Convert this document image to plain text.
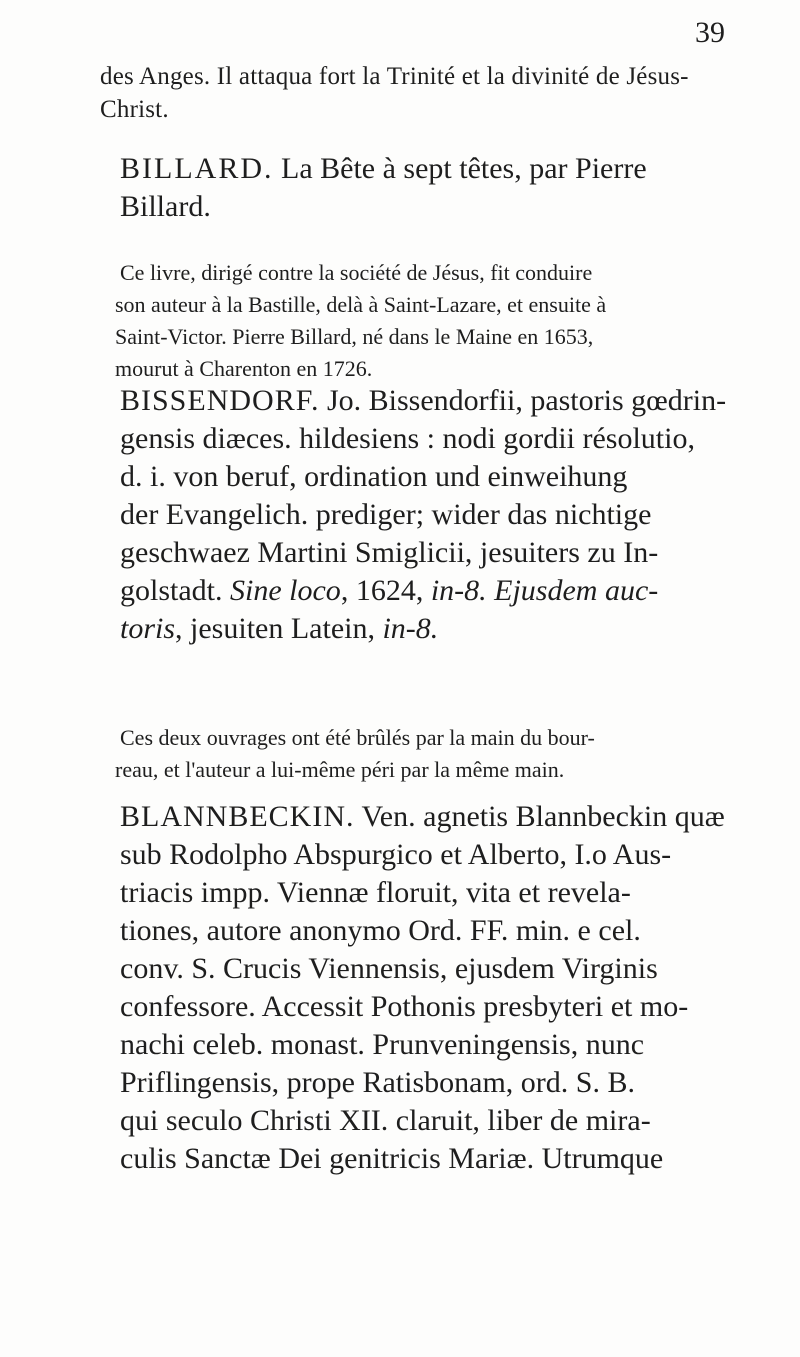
39
des Anges. Il attaqua fort la Trinité et la divinité de Jésus-
Christ.
BILLARD. La Bête à sept têtes, par Pierre
Billard.
Ce livre, dirigé contre la société de Jésus, fit conduire
son auteur à la Bastille, delà à Saint-Lazare, et ensuite à
Saint-Victor. Pierre Billard, né dans le Maine en 1653,
mourut à Charenton en 1726.
BISSENDORF. Jo. Bissendorfii, pastoris gœdrin-
gensis diæces. hildesiens : nodi gordii résolutio,
d. i. von beruf, ordination und einweihung
der Evangelich. prediger; wider das nichtige
geschwaez Martini Smiglicii, jesuiters zu In-
golstadt. Sine loco, 1624, in-8. Ejusdem auc-
toris, jesuiten Latein, in-8.
Ces deux ouvrages ont été brûlés par la main du bour-
reau, et l'auteur a lui-même péri par la même main.
BLANNBECKIN. Ven. agnetis Blannbeckin quæ
sub Rodolpho Abspurgico et Alberto, I.o Aus-
triacis impp. Viennæ floruit, vita et revela-
tiones, autore anonymo Ord. FF. min. e cel.
conv. S. Crucis Viennensis, ejusdem Virginis
confessore. Accessit Pothonis presbyteri et mo-
nachi celeb. monast. Prunveningensis, nunc
Priflingensis, prope Ratisbonam, ord. S. B.
qui seculo Christi XII. claruit, liber de mira-
culis Sanctæ Dei genitricis Mariæ. Utrumque
